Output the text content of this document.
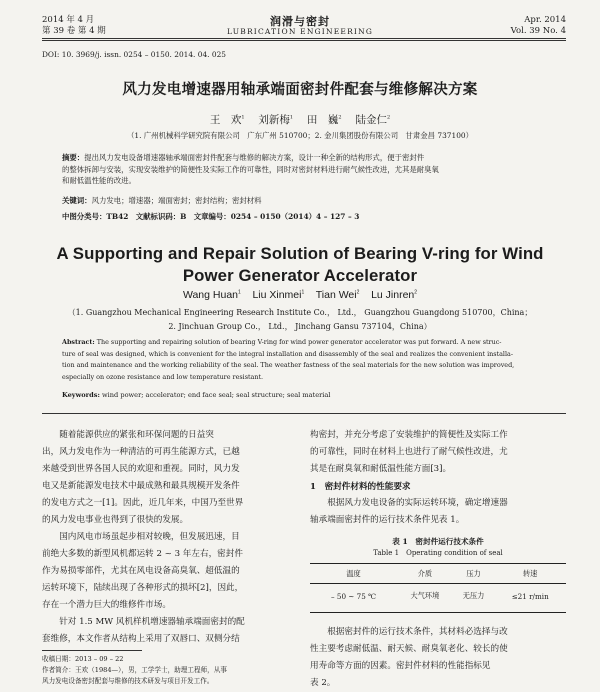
2014 年 4 月
第 39 卷 第 4 期
润滑与密封
LUBRICATION ENGINEERING
Apr. 2014
Vol. 39 No. 4
DOI: 10. 3969/j. issn. 0254 – 0150. 2014. 04. 025
风力发电增速器用轴承端面密封件配套与维修解决方案
王　欢$^1$　 刘新梅$^1$　 田　巍$^2$　 陆金仁$^2$
（1. 广州机械科学研究院有限公司　广东广州 510700；2. 金川集团股份有限公司　甘肃金昌 737100）
摘要：提出风力发电设备增速器轴承端面密封件配套与维修的解决方案，设计一种全新的结构形式，便于密封件
的整体拆卸与安装，实现安装维护的简便性及实际工作的可靠性，同时对密封材料进行耐气候性改进，尤其是耐臭氧
和耐低温性能的改进。
关键词：风力发电；增速器；端面密封；密封结构；密封材料
中图分类号：TB42　文献标识码：B　文章编号：0254 – 0150（2014）4 – 127 – 3
A Supporting and Repair Solution of Bearing V-ring for Wind
Power Generator Accelerator
Wang Huan$^1$ Liu Xinmei$^1$ Tian Wei$^2$ Lu Jinren$^2$
（1. Guangzhou Mechanical Engineering Research Institute Co.， Ltd.， Guangzhou Guangdong 510700，China；
2. Jinchuan Group Co.， Ltd.， Jinchang Gansu 737104，China）
Abstract: The supporting and repairing solution of bearing V-ring for wind power generator accelerator was put forward. A new struc-
ture of seal was designed, which is convenient for the integral installation and disassembly of the seal and realizes the convenient installa-
tion and maintenance and the working reliability of the seal. The weather fastness of the seal materials for the new solution was improved,
especially on ozone resistance and low temperature resistant.
Keywords: wind power; accelerator; end face seal; seal structure; seal material
　　随着能源供应的紧张和环保问题的日益突
出，风力发电作为一种清洁的可再生能源方式，已越
来越受到世界各国人民的欢迎和重视。同时，风力发
电又是新能源发电技术中最成熟和最具规模开发条件
的发电方式之一[1]。因此，近几年来，中国乃至世界
的风力发电事业也得到了很快的发展。
　　国内风电市场虽起步相对较晚，但发展迅速，目
前绝大多数的新型风机都运转 2 ~ 3 年左右，密封件
作为易损零部件，尤其在风电设备高臭氧、超低温的
运转环境下，陆续出现了各种形式的损坏[2]，因此，
存在一个潜力巨大的维修件市场。
　　针对 1.5 MW 风机样机增速器轴承端面密封的配
套维修，本文作者从结构上采用了双唇口、双侧分结
收稿日期：2013 – 09 – 22
作者简介：王欢（1984—），男，工学学士，助理工程师，从事
风力发电设备密封配套与维修的技术研发与项目开发工作。
构密封，并充分考虑了安装维护的简便性及实际工作
的可靠性，同时在材料上也进行了耐气候性改进，尤
其是在耐臭氧和耐低温性能方面[3]。
1　密封件材料的性能要求
　　根据风力发电设备的实际运转环境，确定增速器
轴承端面密封件的运行技术条件见表 1。
表 1　密封件运行技术条件
Table 1　Operating condition of seal
温度	介质	压力	转速
– 50 ~ 75 ℃	大气环境	无压力	≤21 r/min
　　根据密封件的运行技术条件，其材料必选择与改
性主要考虑耐低温、耐天候、耐臭氧老化、较长的使
用寿命等方面的因素。密封件材料的性能指标见
表 2。
